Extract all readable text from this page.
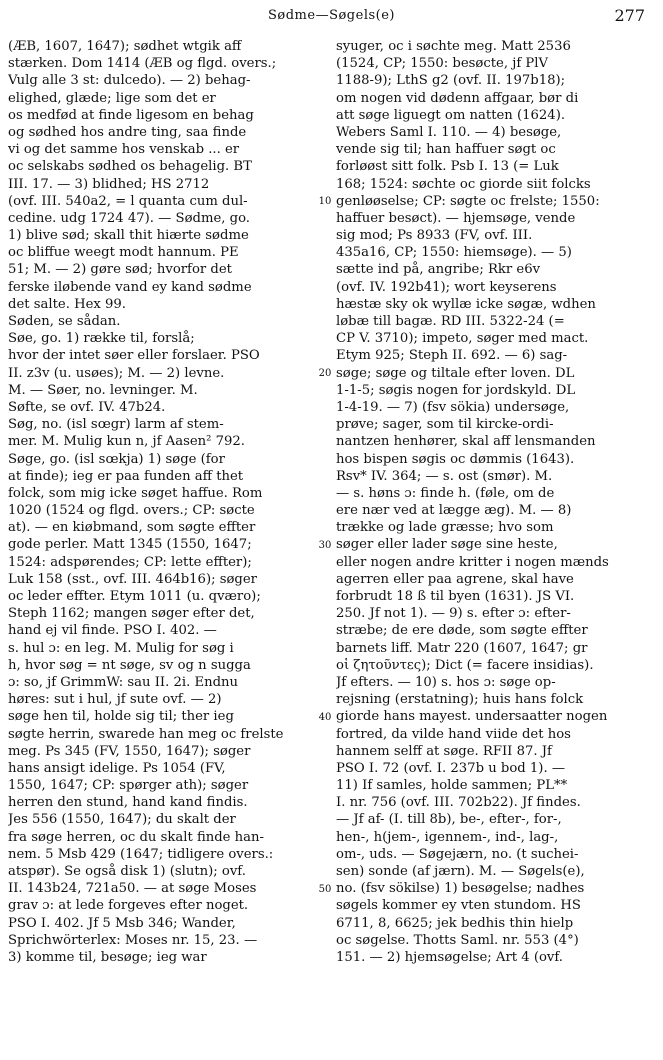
Sødme—Søgels(e)	277
(ÆB, 1607, 1647); sødhet wtgik aff
stærken. Dom 1414 (ÆB og flgd. overs.;
Vulg alle 3 st: dulcedo). — 2) behag-
elighed, glæde; lige som det er
os medfød at finde ligesom en behag
og sødhed hos andre ting, saa finde
vi og det samme hos venskab ... er
oc selskabs sødhed os behagelig. BT
III. 17. — 3) blidhed; HS 2712
(ovf. III. 540a2, = l quanta cum dul-
cedine. udg 1724 47). — Sødme, go.
1) blive sød; skall thit hiærte sødme
oc bliffue weegt modt hannum. PE
51; M. — 2) gøre sød; hvorfor det
ferske iløbende vand ey kand sødme
det salte. Hex 99.
Søden, se sådan.
Søe, go. 1) række til, forslå;
hvor der intet søer eller forslaer. PSO
II. z3v (u. usøes); M. — 2) levne.
M. — Søer, no. levninger. M.
Søfte, se ovf. IV. 47b24.
Søg, no. (isl sœgr) larm af stem-
mer. M. Mulig kun n, jf Aasen² 792.
Søge, go. (isl sœkja) 1) søge (for
at finde); ieg er paa funden aff thet
folck, som mig icke søget haffue. Rom
1020 (1524 og flgd. overs.; CP: søcte
at). — en kiøbmand, som søgte effter
gode perler. Matt 1345 (1550, 1647;
1524: adspørendes; CP: lette effter);
Luk 158 (sst., ovf. III. 464b16); søger
oc leder effter. Etym 1011 (u. qværo);
Steph 1162; mangen søger efter det,
hand ej vil finde. PSO I. 402. —
s. hul ɔ: en leg. M. Mulig for søg i
h, hvor søg = nt søge, sv og n sugga
ɔ: so, jf GrimmW: sau II. 2i. Endnu
høres: sut i hul, jf sute ovf. — 2)
søge hen til, holde sig til; ther ieg
søgte herrin, swarede han meg oc frelste
meg. Ps 345 (FV, 1550, 1647); søger
hans ansigt idelige. Ps 1054 (FV,
1550, 1647; CP: spørger ath); søger
herren den stund, hand kand findis.
Jes 556 (1550, 1647); du skalt der
fra søge herren, oc du skalt finde han-
nem. 5 Msb 429 (1647; tidligere overs.:
atspør). Se også disk 1) (slutn); ovf.
II. 143b24, 721a50. — at søge Moses
grav ɔ: at lede forgeves efter noget.
PSO I. 402. Jf 5 Msb 346; Wander,
Sprichwörterlex: Moses nr. 15, 23. —
3) komme til, besøge; ieg war
10
20
30
40
50
syuger, oc i søchte meg. Matt 2536
(1524, CP; 1550: besøcte, jf PlV
1188-9); LthS g2 (ovf. II. 197b18);
om nogen vid dødenn affgaar, bør di
att søge liguegt om natten (1624).
Webers Saml I. 110. — 4) besøge,
vende sig til; han haffuer søgt oc
forløøst sitt folk. Psb I. 13 (= Luk
168; 1524: søchte oc giorde siit folcks
genløøselse; CP: søgte oc frelste; 1550:
haffuer besøct). — hjemsøge, vende
sig mod; Ps 8933 (FV, ovf. III.
435a16, CP; 1550: hiemsøge). — 5)
sætte ind på, angribe; Rkr e6v
(ovf. IV. 192b41); wort keyserens
hæstæ sky ok wyllæ icke søgæ, wdhen
løbæ till bagæ. RD III. 5322-24 (=
CP V. 3710); impeto, søger med mact.
Etym 925; Steph II. 692. — 6) sag-
søge; søge og tiltale efter loven. DL
1-1-5; søgis nogen for jordskyld. DL
1-4-19. — 7) (fsv sökia) undersøge,
prøve; sager, som til kircke-ordi-
nantzen henhører, skal aff lensmanden
hos bispen søgis oc dømmis (1643).
Rsv* IV. 364; — s. ost (smør). M.
— s. høns ɔ: finde h. (føle, om de
ere nær ved at lægge æg). M. — 8)
trække og lade græsse; hvo som
søger eller lader søge sine heste,
eller nogen andre kritter i nogen mænds
agerren eller paa agrene, skal have
forbrudt 18 ß til byen (1631). JS VI.
250. Jf not 1). — 9) s. efter ɔ: efter-
stræbe; de ere døde, som søgte effter
barnets liff. Matr 220 (1607, 1647; gr
οἱ ζητοῦντες); Dict (= facere insidias).
Jf efters. — 10) s. hos ɔ: søge op-
rejsning (erstatning); huis hans folck
giorde hans mayest. undersaatter nogen
fortred, da vilde hand viide det hos
hannem selff at søge. RFII 87. Jf
PSO I. 72 (ovf. I. 237b u bod 1). —
11) If samles, holde sammen; PL**
I. nr. 756 (ovf. III. 702b22). Jf findes.
— Jf af- (I. till 8b), be-, efter-, for-,
hen-, h(jem-, igennem-, ind-, lag-,
om-, uds. — Søgejærn, no. (t suchei-
sen) sonde (af jærn). M. — Søgels(e),
no. (fsv sökilse) 1) besøgelse; nadhes
søgels kommer ey vten stundom. HS
6711, 8, 6625; jek bedhis thin hielp
oc søgelse. Thotts Saml. nr. 553 (4°)
151. — 2) hjemsøgelse; Art 4 (ovf.
